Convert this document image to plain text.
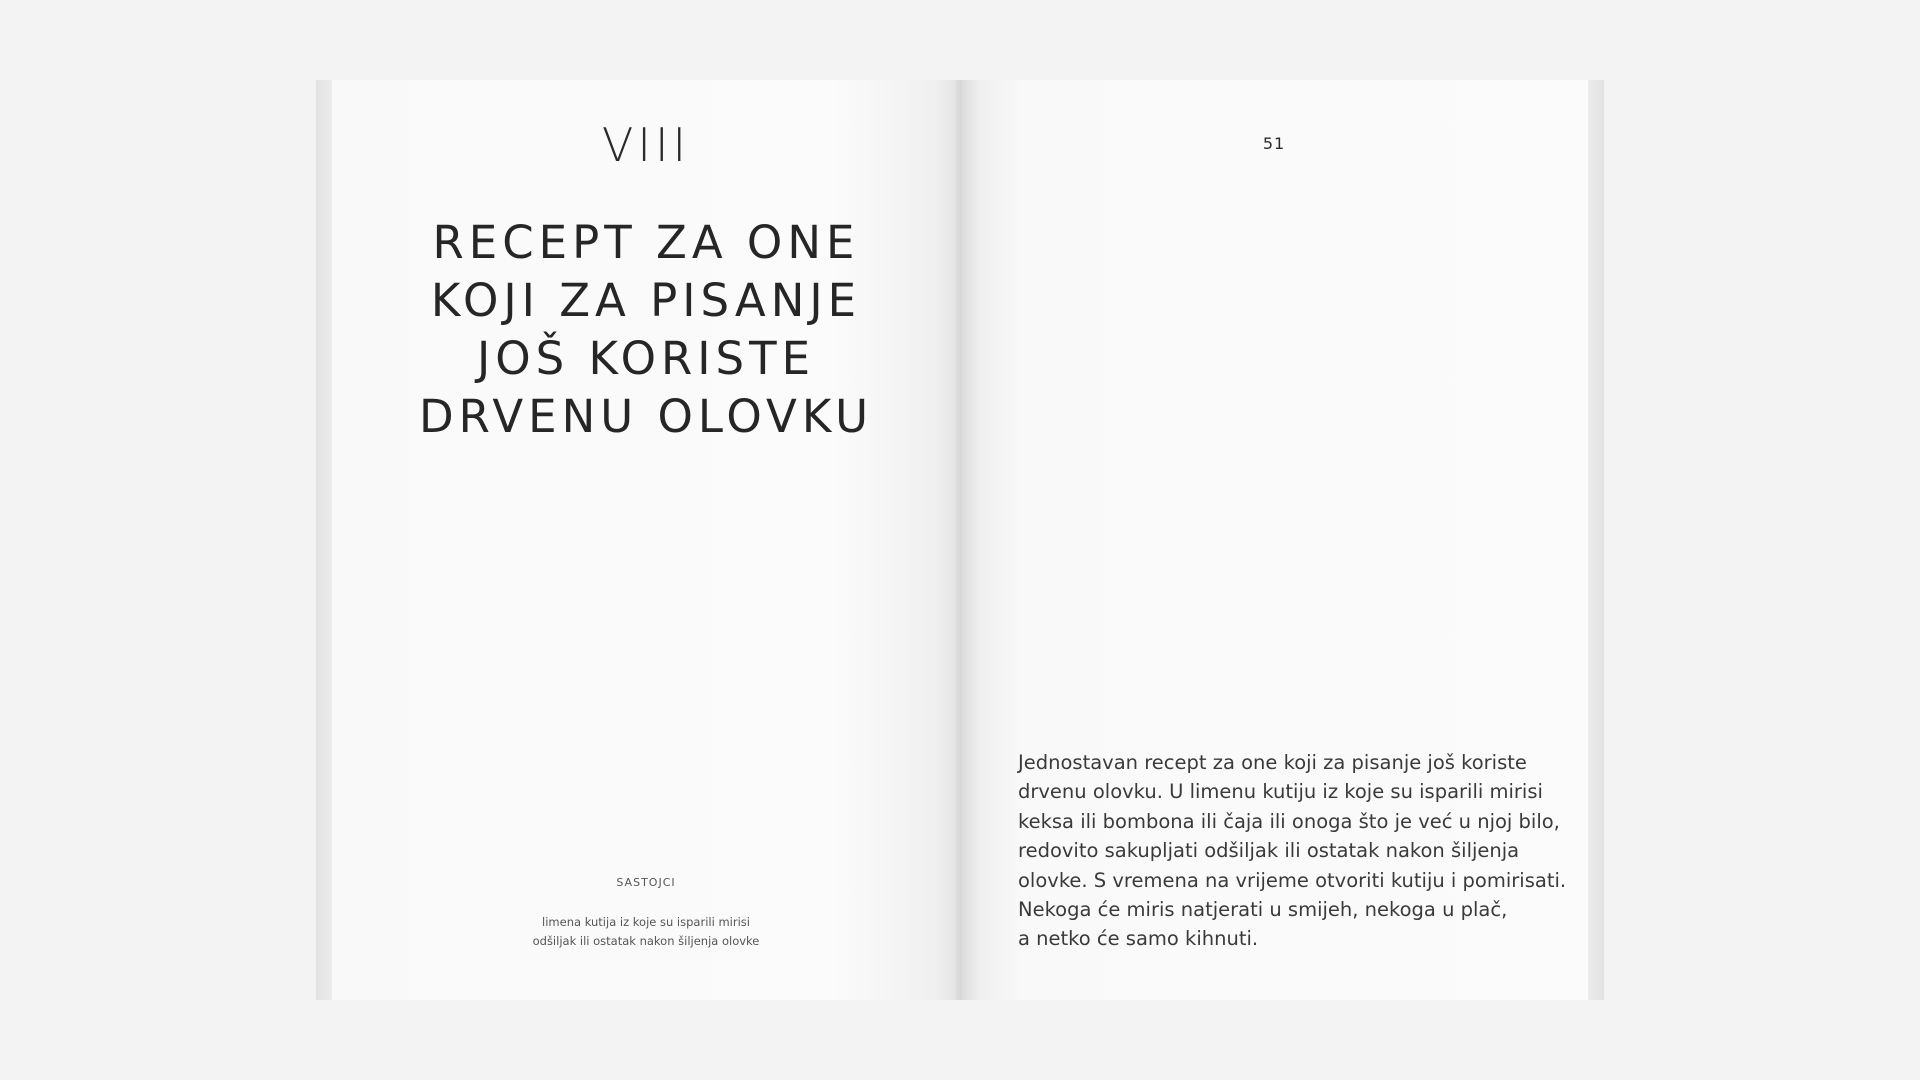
VIII
RECEPT ZA ONE
KOJI ZA PISANJE
JOŠ KORISTE
DRVENU OLOVKU
SASTOJCI
limena kutija iz koje su isparili mirisi
odšiljak ili ostatak nakon šiljenja olovke
51
Jednostavan recept za one koji za pisanje još koriste
drvenu olovku. U limenu kutiju iz koje su isparili mirisi
keksa ili bombona ili čaja ili onoga što je već u njoj bilo,
redovito sakupljati odšiljak ili ostatak nakon šiljenja
olovke. S vremena na vrijeme otvoriti kutiju i pomirisati.
Nekoga će miris natjerati u smijeh, nekoga u plač,
a netko će samo kihnuti.
